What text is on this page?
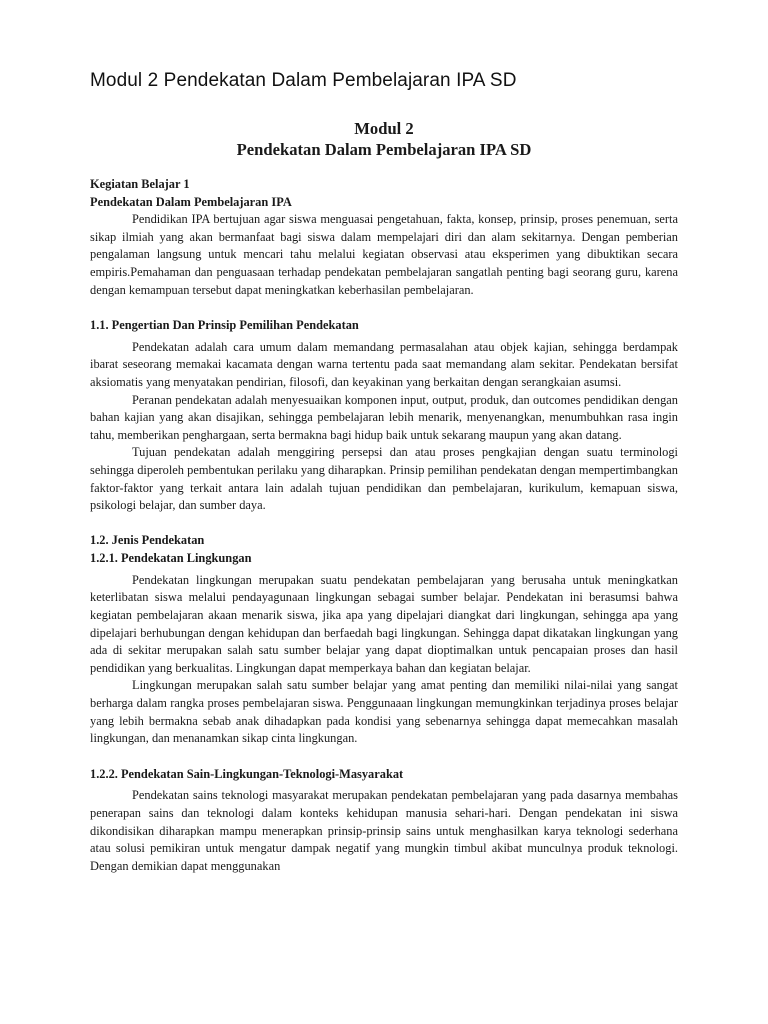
Modul 2 Pendekatan Dalam Pembelajaran IPA SD

Modul 2

Pendekatan Dalam Pembelajaran IPA SD

Kegiatan Belajar 1

Pendekatan Dalam Pembelajaran IPA

Pendidikan IPA bertujuan agar siswa menguasai pengetahuan, fakta, konsep, prinsip, proses penemuan, serta sikap ilmiah yang akan bermanfaat bagi siswa dalam mempelajari diri dan alam sekitarnya. Dengan pemberian pengalaman langsung untuk mencari tahu melalui kegiatan observasi atau eksperimen yang dibuktikan secara empiris.Pemahaman dan penguasaan terhadap pendekatan pembelajaran sangatlah penting bagi seorang guru, karena dengan kemampuan tersebut dapat meningkatkan keberhasilan pembelajaran.

1.1. Pengertian Dan Prinsip Pemilihan Pendekatan

Pendekatan adalah cara umum dalam memandang permasalahan atau objek kajian, sehingga berdampak ibarat seseorang memakai kacamata dengan warna tertentu pada saat memandang alam sekitar. Pendekatan bersifat aksiomatis yang menyatakan pendirian, filosofi, dan keyakinan yang berkaitan dengan serangkaian asumsi.

Peranan pendekatan adalah menyesuaikan komponen input, output, produk, dan outcomes pendidikan dengan bahan kajian yang akan disajikan, sehingga pembelajaran lebih menarik, menyenangkan, menumbuhkan rasa ingin tahu, memberikan penghargaan, serta bermakna bagi hidup baik untuk sekarang maupun yang akan datang.

Tujuan pendekatan adalah menggiring persepsi dan atau proses pengkajian dengan suatu terminologi sehingga diperoleh pembentukan perilaku yang diharapkan. Prinsip pemilihan pendekatan dengan mempertimbangkan faktor-faktor yang terkait antara lain adalah tujuan pendidikan dan pembelajaran, kurikulum, kemapuan siswa, psikologi belajar, dan sumber daya.

1.2. Jenis Pendekatan

1.2.1. Pendekatan Lingkungan

Pendekatan lingkungan merupakan suatu pendekatan pembelajaran yang berusaha untuk meningkatkan keterlibatan siswa melalui pendayagunaan lingkungan sebagai sumber belajar. Pendekatan ini berasumsi bahwa kegiatan pembelajaran akaan menarik siswa, jika apa yang dipelajari diangkat dari lingkungan, sehingga apa yang dipelajari berhubungan dengan kehidupan dan berfaedah bagi lingkungan. Sehingga dapat dikatakan lingkungan yang ada di sekitar merupakan salah satu sumber belajar yang dapat dioptimalkan untuk pencapaian proses dan hasil pendidikan yang berkualitas. Lingkungan dapat memperkaya bahan dan kegiatan belajar.

Lingkungan merupakan salah satu sumber belajar yang amat penting dan memiliki nilai-nilai yang sangat berharga dalam rangka proses pembelajaran siswa. Penggunaaan lingkungan memungkinkan terjadinya proses belajar yang lebih bermakna sebab anak dihadapkan pada kondisi yang sebenarnya sehingga dapat memecahkan masalah lingkungan, dan menanamkan sikap cinta lingkungan.

1.2.2. Pendekatan Sain-Lingkungan-Teknologi-Masyarakat

Pendekatan sains teknologi masyarakat merupakan pendekatan pembelajaran yang pada dasarnya membahas penerapan sains dan teknologi dalam konteks kehidupan manusia sehari-hari. Dengan pendekatan ini siswa dikondisikan diharapkan mampu menerapkan prinsip-prinsip sains untuk menghasilkan karya teknologi sederhana atau solusi pemikiran untuk mengatur dampak negatif yang mungkin timbul akibat munculnya produk teknologi. Dengan demikian dapat menggunakan
